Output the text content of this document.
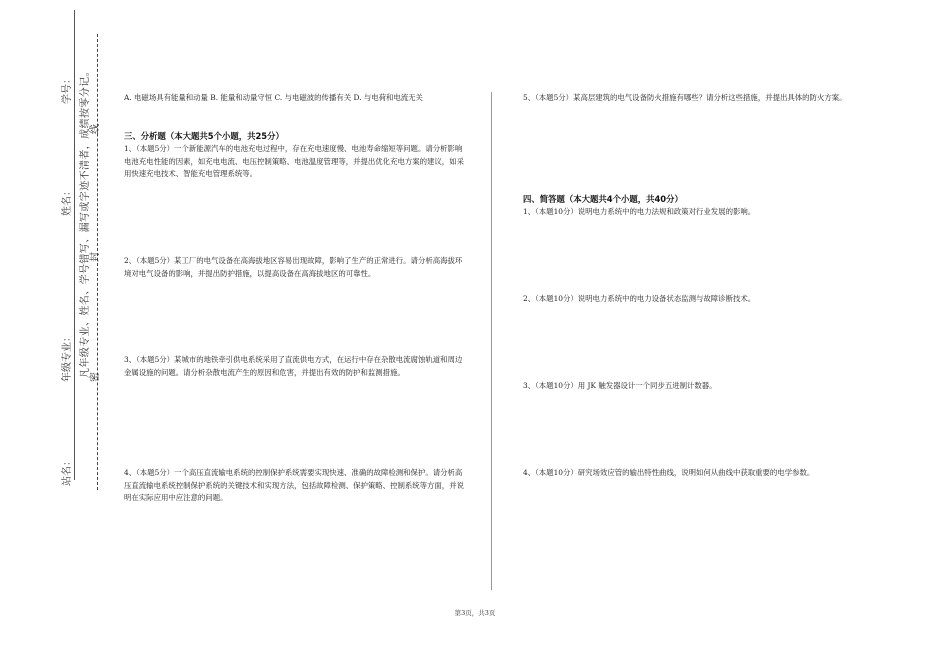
学号：
姓名：
年级专业：
站名：
凡年级专业、姓名、学号错写、漏写或字迹不清者，成绩按零分记。 线
封
密

A. 电磁场具有能量和动量 B. 能量和动量守恒 C. 与电磁波的传播有关 D. 与电荷和电流无关

三、分析题（本大题共5个小题，共25分）

1、（本题5分）一个新能源汽车的电池充电过程中，存在充电速度慢、电池寿命缩短等问题。请分析影响电池充电性能的因素，如充电电流、电压控制策略、电池温度管理等，并提出优化充电方案的建议，如采用快速充电技术、智能充电管理系统等。

2、（本题5分）某工厂的电气设备在高海拔地区容易出现故障，影响了生产的正常进行。请分析高海拔环境对电气设备的影响，并提出防护措施，以提高设备在高海拔地区的可靠性。

3、（本题5分）某城市的地铁牵引供电系统采用了直流供电方式，在运行中存在杂散电流腐蚀轨道和周边金属设施的问题。请分析杂散电流产生的原因和危害，并提出有效的防护和监测措施。

4、（本题5分）一个高压直流输电系统的控制保护系统需要实现快速、准确的故障检测和保护。请分析高压直流输电系统控制保护系统的关键技术和实现方法，包括故障检测、保护策略、控制系统等方面，并说明在实际应用中应注意的问题。

5、（本题5分）某高层建筑的电气设备防火措施有哪些？请分析这些措施，并提出具体的防火方案。

四、简答题（本大题共4个小题，共40分）

1、（本题10分）说明电力系统中的电力法规和政策对行业发展的影响。

2、（本题10分）说明电力系统中的电力设备状态监测与故障诊断技术。

3、（本题10分）用 JK 触发器设计一个同步五进制计数器。

4、（本题10分）研究场效应管的输出特性曲线，说明如何从曲线中获取重要的电学参数。

第3页，共3页
